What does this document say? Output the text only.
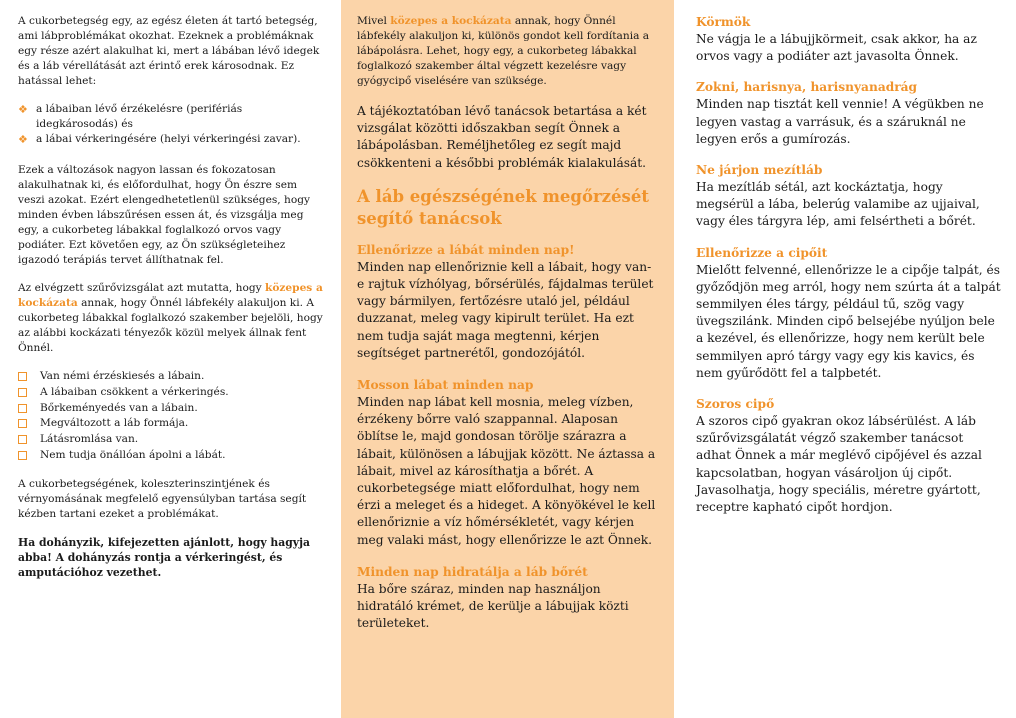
A cukorbetegség egy, az egész életen át tartó betegség, ami lábproblémákat okozhat. Ezeknek a problémáknak egy része azért alakulhat ki, mert a lábában lévő idegek és a láb vérellátását azt érintő erek károsodnak. Ez hatással lehet:

❖ a lábaiban lévő érzékelésre (perifériás idegkárosodás) és
❖ a lábai vérkeringésére (helyi vérkeringési zavar).

Ezek a változások nagyon lassan és fokozatosan alakulhatnak ki, és előfordulhat, hogy Ön észre sem veszi azokat. Ezért elengedhetetlenül szükséges, hogy minden évben lábszűrésen essen át, és vizsgálja meg egy, a cukorbeteg lábakkal foglalkozó orvos vagy podiáter. Ezt követően egy, az Ön szükségleteihez igazodó terápiás tervet állíthatnak fel.

Az elvégzett szűrővizsgálat azt mutatta, hogy közepes a kockázata annak, hogy Önnél lábfekély alakuljon ki. A cukorbeteg lábakkal foglalkozó szakember bejelöli, hogy az alábbi kockázati tényezők közül melyek állnak fent Önnél.

Van némi érzéskiesés a lábain.
A lábaiban csökkent a vérkeringés.
Bőrkeményedés van a lábain.
Megváltozott a láb formája.
Látásromlása van.
Nem tudja önállóan ápolni a lábát.

A cukorbetegségének, koleszterinszintjének és vérnyomásának megfelelő egyensúlyban tartása segít kézben tartani ezeket a problémákat.

Ha dohányzik, kifejezetten ajánlott, hogy hagyja abba! A dohányzás rontja a vérkeringést, és amputációhoz vezethet.

Mivel közepes a kockázata annak, hogy Önnél lábfekély alakuljon ki, különös gondot kell fordítania a lábápolásra. Lehet, hogy egy, a cukorbeteg lábakkal foglalkozó szakember által végzett kezelésre vagy gyógycipő viselésére van szüksége.

A tájékoztatóban lévő tanácsok betartása a két vizsgálat közötti időszakban segít Önnek a lábápolásban. Reméljhetőleg ez segít majd csökkenteni a későbbi problémák kialakulását.

A láb egészségének megőrzését segítő tanácsok
Ellenőrizze a lábát minden nap!

Minden nap ellenőriznie kell a lábait, hogy van-e rajtuk vízhólyag, bőrsérülés, fájdalmas terület vagy bármilyen, fertőzésre utaló jel, például duzzanat, meleg vagy kipirult terület. Ha ezt nem tudja saját maga megtenni, kérjen segítséget partnerétől, gondozójától.

Mosson lábat minden nap

Minden nap lábat kell mosnia, meleg vízben, érzékeny bőrre való szappannal. Alaposan öblítse le, majd gondosan törölje szárazra a lábait, különösen a lábujjak között. Ne áztassa a lábait, mivel az károsíthatja a bőrét. A cukorbetegsége miatt előfordulhat, hogy nem érzi a meleget és a hideget. A könyökével le kell ellenőriznie a víz hőmérsékletét, vagy kérjen meg valaki mást, hogy ellenőrizze le azt Önnek.

Minden nap hidratálja a láb bőrét

Ha bőre száraz, minden nap használjon hidratáló krémet, de kerülje a lábujjak közti területeket.

Körmök

Ne vágja le a lábujjkörmeit, csak akkor, ha az orvos vagy a podiáter azt javasolta Önnek.

Zokni, harisnya, harisnyanadrág

Minden nap tisztát kell vennie! A végükben ne legyen vastag a varrásuk, és a száruknál ne legyen erős a gumírozás.

Ne járjon mezítláb

Ha mezítláb sétál, azt kockáztatja, hogy megsérül a lába, belerúg valamibe az ujjaival, vagy éles tárgyra lép, ami felsértheti a bőrét.

Ellenőrizze a cipőit

Mielőtt felvenné, ellenőrizze le a cipője talpát, és győződjön meg arról, hogy nem szúrta át a talpát semmilyen éles tárgy, például tű, szög vagy üvegszilánk. Minden cipő belsejébe nyúljon bele a kezével, és ellenőrizze, hogy nem került bele semmilyen apró tárgy vagy egy kis kavics, és nem gyűrődött fel a talpbetét.

Szoros cipő

A szoros cipő gyakran okoz lábsérülést. A láb szűrővizsgálatát végző szakember tanácsot adhat Önnek a már meglévő cipőjével és azzal kapcsolatban, hogyan vásároljon új cipőt. Javasolhatja, hogy speciális, méretre gyártott, receptre kapható cipőt hordjon.
